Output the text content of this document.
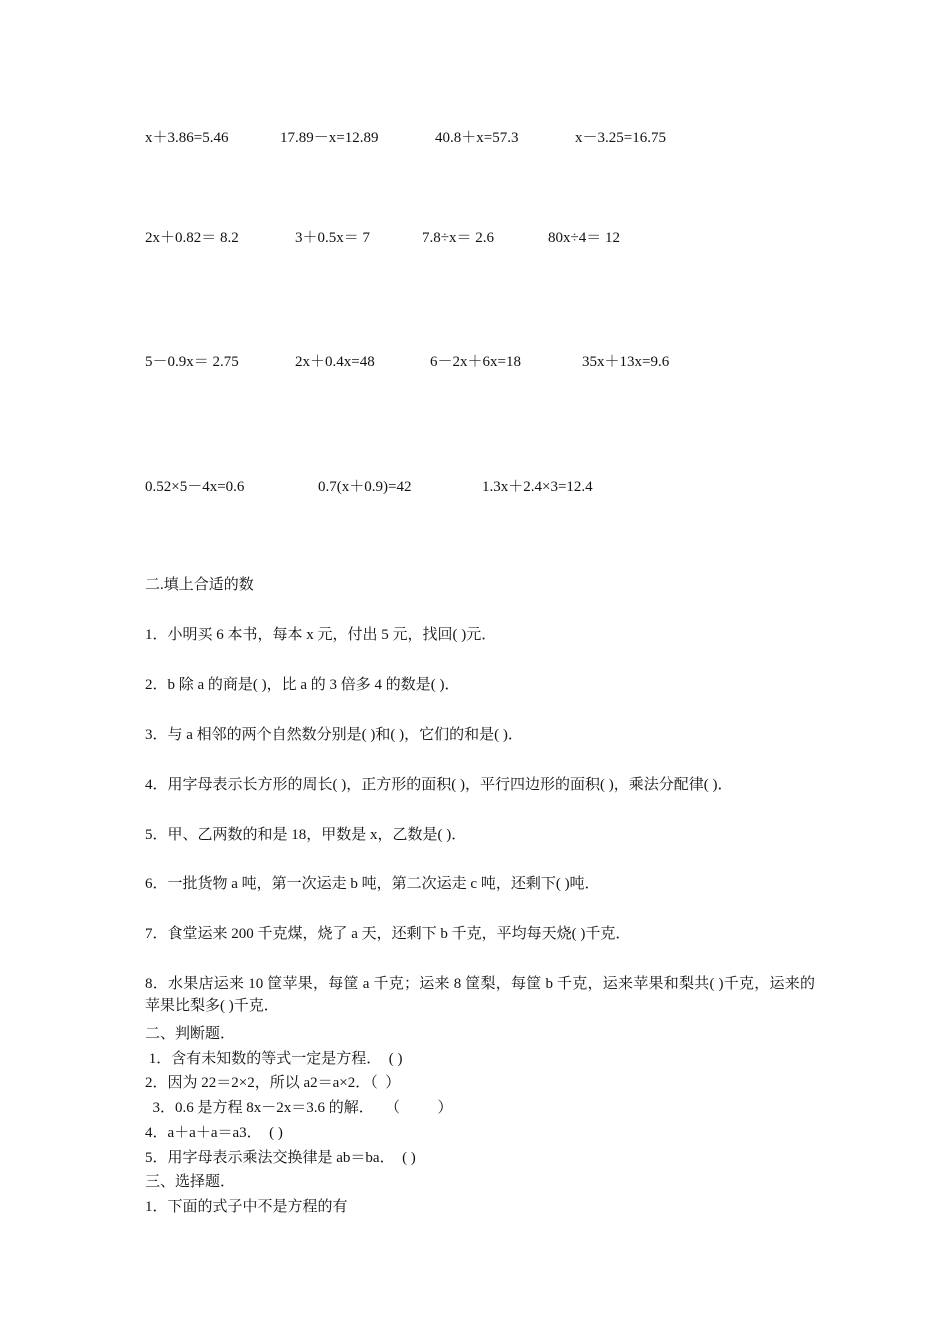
x＋3.86=5.46	17.89－x=12.89	40.8＋x=57.3	x－3.25=16.75
2x＋0.82＝ 8.2	3＋0.5x＝ 7	7.8÷x＝ 2.6	80x÷4＝ 12
5－0.9x＝ 2.75	2x＋0.4x=48	6－2x＋6x=18	35x＋13x=9.6
0.52×5－4x=0.6	0.7(x＋0.9)=42	1.3x＋2.4×3=12.4
二.填上合适的数
1．小明买 6 本书，每本 x 元，付出 5 元，找回( )元．
2．b 除 a 的商是( )，比 a 的 3 倍多 4 的数是( )．
3．与 a 相邻的两个自然数分别是( )和( )，它们的和是( )．
4．用字母表示长方形的周长( )，正方形的面积( )，平行四边形的面积( )，乘法分配律( )．
5．甲、乙两数的和是 18，甲数是 x，乙数是( )．
6．一批货物 a 吨，第一次运走 b 吨，第二次运走 c 吨，还剩下( )吨．
7．食堂运来 200 千克煤，烧了 a 天，还剩下 b 千克，平均每天烧( )千克．
8．水果店运来 10 筐苹果，每筐 a 千克；运来 8 筐梨，每筐 b 千克，运来苹果和梨共( )千克，运来的苹果比梨多( )千克．
二、判断题．
1．含有未知数的等式一定是方程．  ( )
2．因为 22＝2×2，所以 a2＝a×2．（  ）
3．0.6 是方程 8x－2x＝3.6 的解．   （          ）
4．a＋a＋a＝a3．  ( )
5．用字母表示乘法交换律是 ab＝ba．  ( )
三、选择题．
1．下面的式子中不是方程的有
